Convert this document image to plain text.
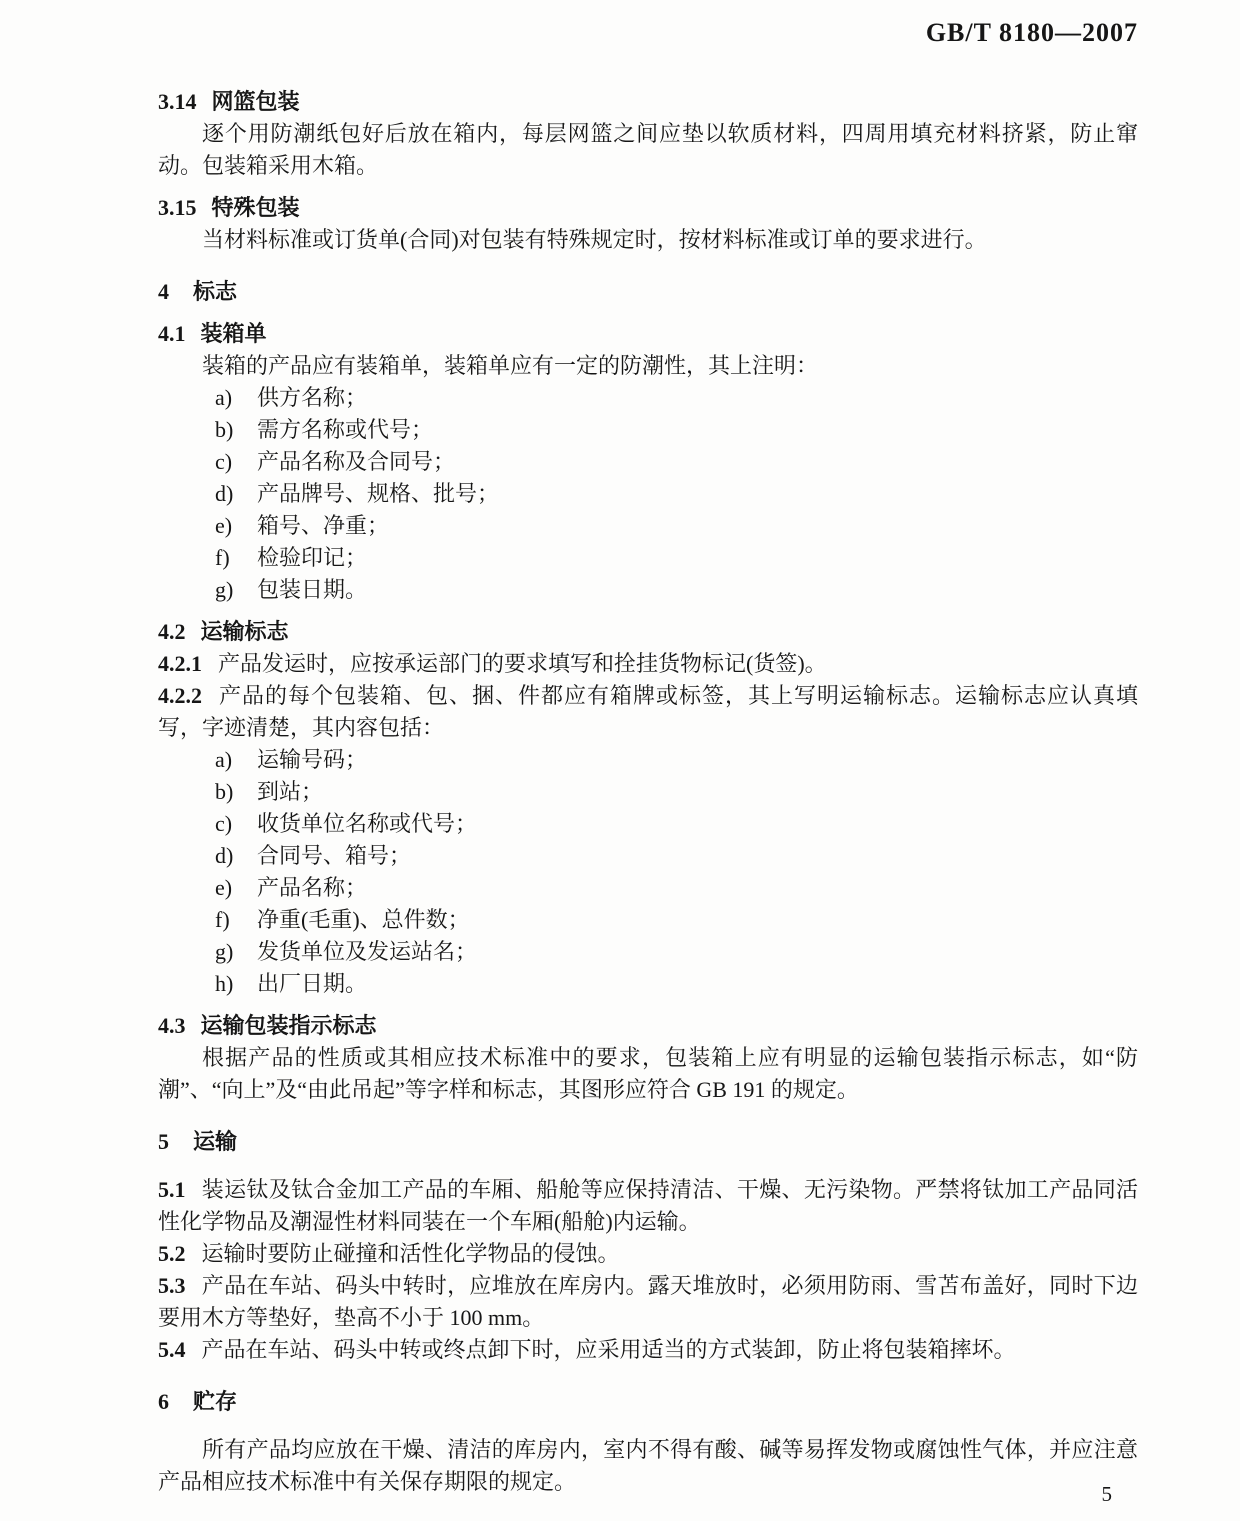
GB/T 8180—2007
3.14 网篮包装

逐个用防潮纸包好后放在箱内，每层网篮之间应垫以软质材料，四周用填充材料挤紧，防止窜动。包装箱采用木箱。

3.15 特殊包装

当材料标准或订货单(合同)对包装有特殊规定时，按材料标准或订单的要求进行。

4 标志
4.1 装箱单

装箱的产品应有装箱单，装箱单应有一定的防潮性，其上注明：

a)	供方名称；
b)	需方名称或代号；
c)	产品名称及合同号；
d)	产品牌号、规格、批号；
e)	箱号、净重；
f)	检验印记；
g)	包装日期。
4.2 运输标志

4.2.1 产品发运时，应按承运部门的要求填写和拴挂货物标记(货签)。

4.2.2 产品的每个包装箱、包、捆、件都应有箱牌或标签，其上写明运输标志。运输标志应认真填写，字迹清楚，其内容包括：

a)	运输号码；
b)	到站；
c)	收货单位名称或代号；
d)	合同号、箱号；
e)	产品名称；
f)	净重(毛重)、总件数；
g)	发货单位及发运站名；
h)	出厂日期。
4.3 运输包装指示标志

根据产品的性质或其相应技术标准中的要求，包装箱上应有明显的运输包装指示标志，如“防潮”、“向上”及“由此吊起”等字样和标志，其图形应符合 GB 191 的规定。

5 运输

5.1 装运钛及钛合金加工产品的车厢、船舱等应保持清洁、干燥、无污染物。严禁将钛加工产品同活性化学物品及潮湿性材料同装在一个车厢(船舱)内运输。

5.2 运输时要防止碰撞和活性化学物品的侵蚀。

5.3 产品在车站、码头中转时，应堆放在库房内。露天堆放时，必须用防雨、雪苫布盖好，同时下边要用木方等垫好，垫高不小于 100 mm。

5.4 产品在车站、码头中转或终点卸下时，应采用适当的方式装卸，防止将包装箱摔坏。

6 贮存

所有产品均应放在干燥、清洁的库房内，室内不得有酸、碱等易挥发物或腐蚀性气体，并应注意产品相应技术标准中有关保存期限的规定。	5
